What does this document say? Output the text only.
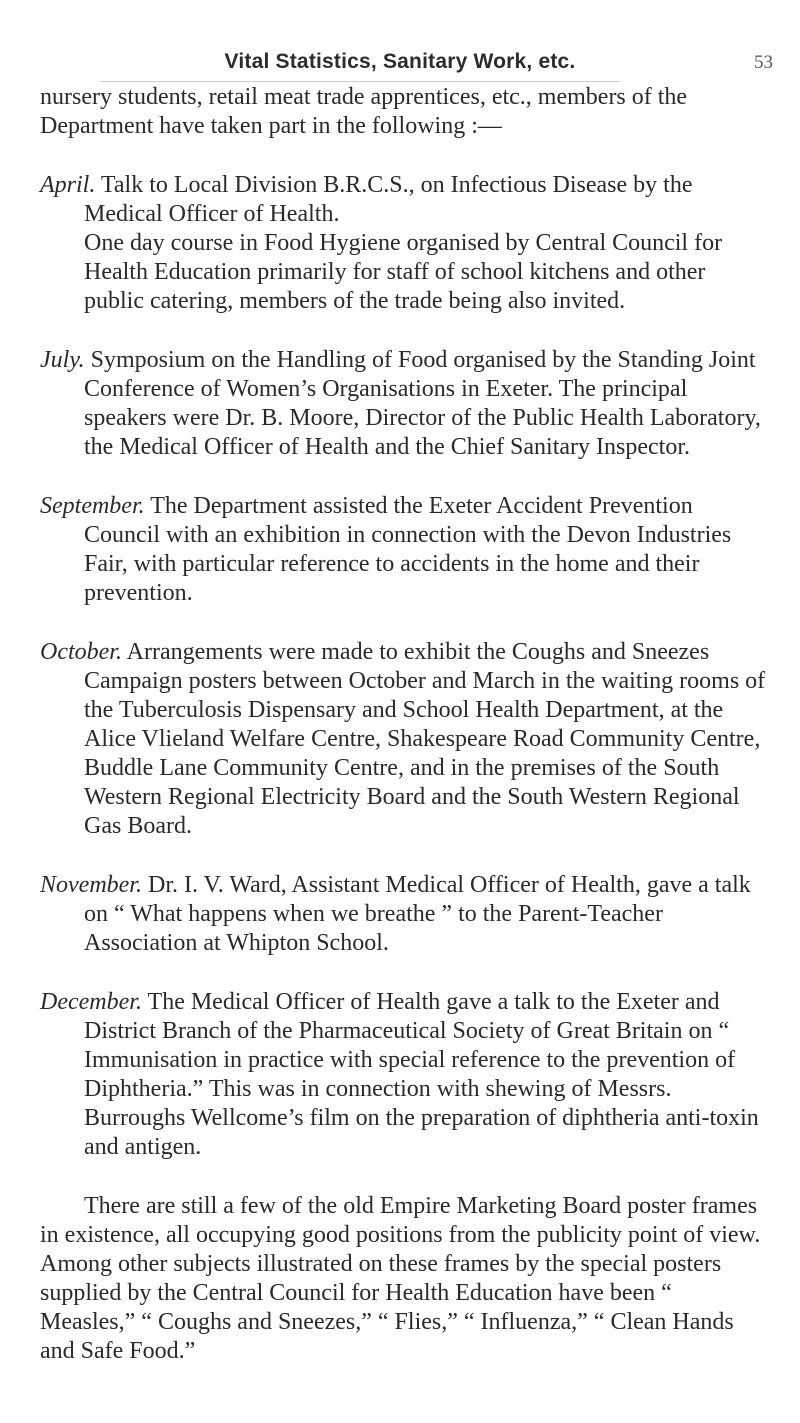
Vital Statistics, Sanitary Work, etc.	53

nursery students, retail meat trade apprentices, etc., members of the Department have taken part in the following :—

April. Talk to Local Division B.R.C.S., on Infectious Disease by the Medical Officer of Health.

One day course in Food Hygiene organised by Central Council for Health Education primarily for staff of school kitchens and other public catering, members of the trade being also invited.

July. Symposium on the Handling of Food organised by the Standing Joint Conference of Women’s Organisations in Exeter. The principal speakers were Dr. B. Moore, Director of the Public Health Laboratory, the Medical Officer of Health and the Chief Sanitary Inspector.

September. The Department assisted the Exeter Accident Prevention Council with an exhibition in connection with the Devon Industries Fair, with particular reference to accidents in the home and their prevention.

October. Arrangements were made to exhibit the Coughs and Sneezes Campaign posters between October and March in the waiting rooms of the Tuberculosis Dispensary and School Health Department, at the Alice Vlieland Welfare Centre, Shakespeare Road Community Centre, Buddle Lane Community Centre, and in the premises of the South Western Regional Electricity Board and the South Western Regional Gas Board.

November. Dr. I. V. Ward, Assistant Medical Officer of Health, gave a talk on “ What happens when we breathe ” to the Parent-Teacher Association at Whipton School.

December. The Medical Officer of Health gave a talk to the Exeter and District Branch of the Pharmaceutical Society of Great Britain on “ Immunisation in practice with special reference to the prevention of Diphtheria.” This was in connection with shewing of Messrs. Burroughs Wellcome’s film on the preparation of diphtheria anti-toxin and antigen.

There are still a few of the old Empire Marketing Board poster frames in existence, all occupying good positions from the publicity point of view. Among other subjects illustrated on these frames by the special posters supplied by the Central Council for Health Education have been “ Measles,” “ Coughs and Sneezes,” “ Flies,” “ Influenza,” “ Clean Hands and Safe Food.”
